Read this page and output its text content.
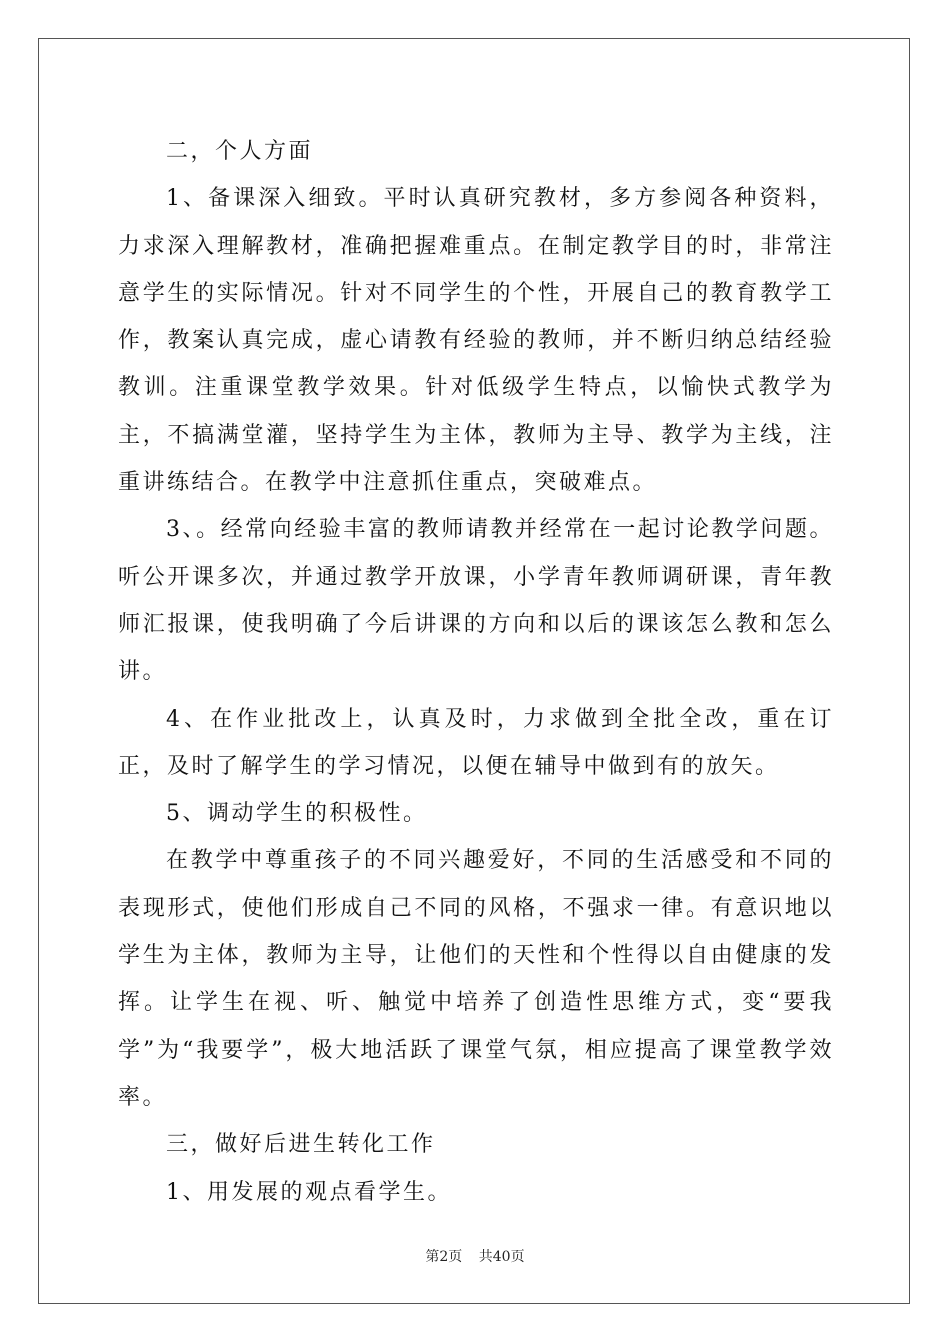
二，个人方面

1、备课深入细致。平时认真研究教材，多方参阅各种资料，力求深入理解教材，准确把握难重点。在制定教学目的时，非常注意学生的实际情况。针对不同学生的个性，开展自己的教育教学工作，教案认真完成，虚心请教有经验的教师，并不断归纳总结经验教训。注重课堂教学效果。针对低级学生特点，以愉快式教学为主，不搞满堂灌，坚持学生为主体，教师为主导、教学为主线，注重讲练结合。在教学中注意抓住重点，突破难点。

3、。经常向经验丰富的教师请教并经常在一起讨论教学问题。听公开课多次，并通过教学开放课，小学青年教师调研课，青年教师汇报课，使我明确了今后讲课的方向和以后的课该怎么教和怎么讲。

4、在作业批改上，认真及时，力求做到全批全改，重在订正，及时了解学生的学习情况，以便在辅导中做到有的放矢。

5、调动学生的积极性。

在教学中尊重孩子的不同兴趣爱好，不同的生活感受和不同的表现形式，使他们形成自己不同的风格，不强求一律。有意识地以学生为主体，教师为主导，让他们的天性和个性得以自由健康的发挥。让学生在视、听、触觉中培养了创造性思维方式，变“要我学”为“我要学”，极大地活跃了课堂气氛，相应提高了课堂教学效率。

三，做好后进生转化工作

1、用发展的观点看学生。

第2页 共40页
